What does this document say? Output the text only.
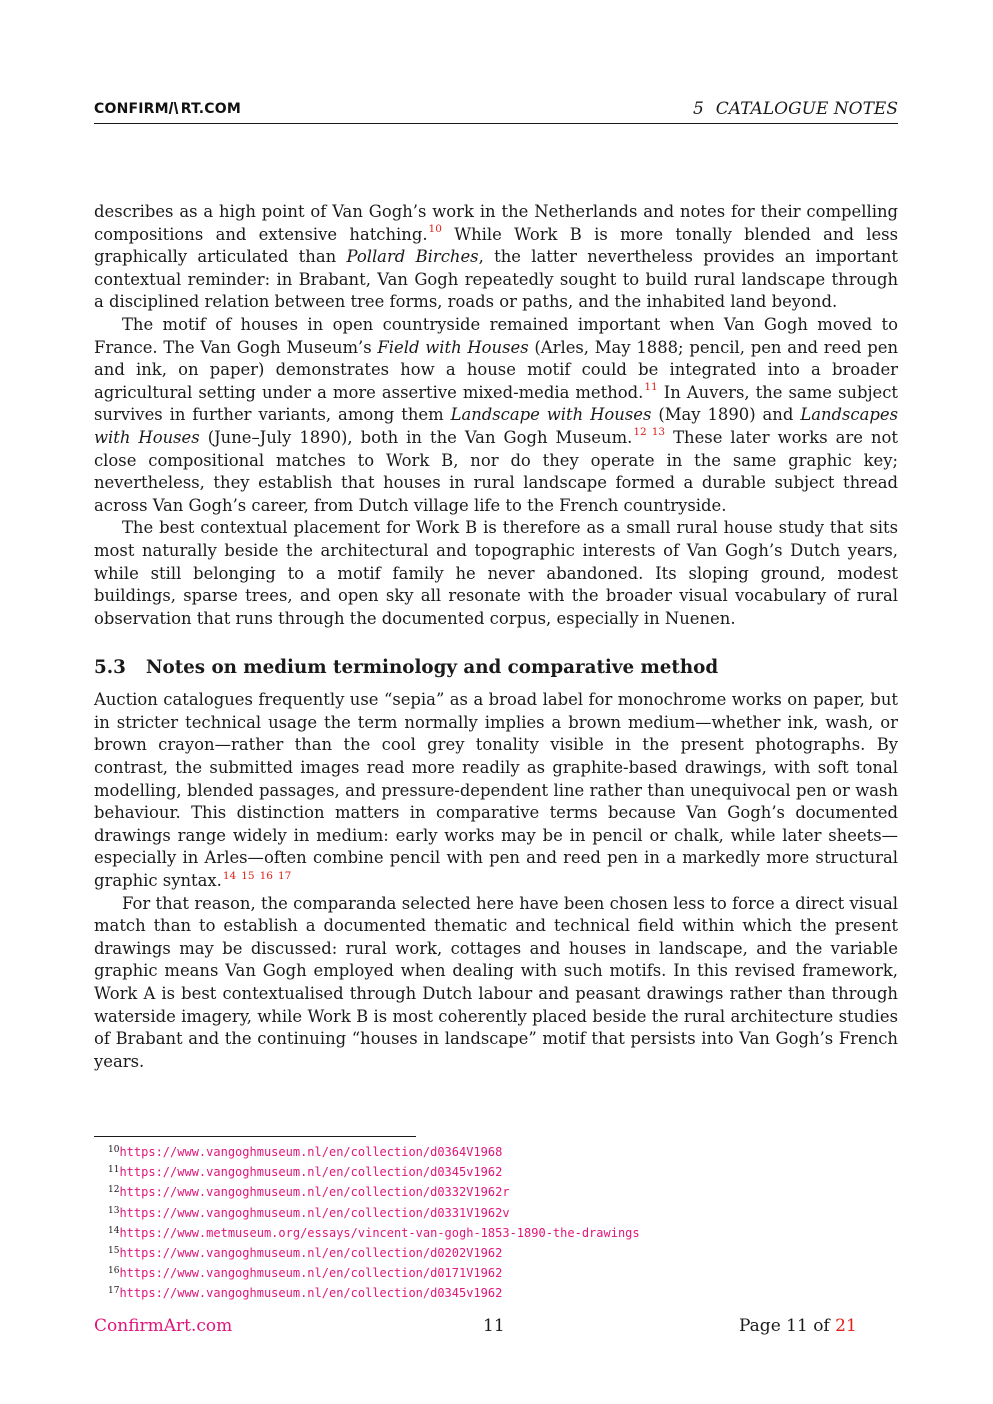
CONFIRM RT.COM	5 CATALOGUE NOTES

describes as a high point of Van Gogh’s work in the Netherlands and notes for their compelling compositions and extensive hatching.$^{10}$ While Work B is more tonally blended and less graphically articulated than Pollard Birches, the latter nevertheless provides an important contextual reminder: in Brabant, Van Gogh repeatedly sought to build rural landscape through a disciplined relation between tree forms, roads or paths, and the inhabited land beyond.

The motif of houses in open countryside remained important when Van Gogh moved to France. The Van Gogh Museum’s Field with Houses (Arles, May 1888; pencil, pen and reed pen and ink, on paper) demonstrates how a house motif could be integrated into a broader agricultural setting under a more assertive mixed-media method.$^{11}$ In Auvers, the same subject survives in further variants, among them Landscape with Houses (May 1890) and Landscapes with Houses (June–July 1890), both in the Van Gogh Museum.$^{12}$ $^{13}$ These later works are not close compositional matches to Work B, nor do they operate in the same graphic key; nevertheless, they establish that houses in rural landscape formed a durable subject thread across Van Gogh’s career, from Dutch village life to the French countryside.

The best contextual placement for Work B is therefore as a small rural house study that sits most naturally beside the architectural and topographic interests of Van Gogh’s Dutch years, while still belonging to a motif family he never abandoned. Its sloping ground, modest buildings, sparse trees, and open sky all resonate with the broader visual vocabulary of rural observation that runs through the documented corpus, especially in Nuenen.

5.3 Notes on medium terminology and comparative method

Auction catalogues frequently use “sepia” as a broad label for monochrome works on paper, but in stricter technical usage the term normally implies a brown medium—whether ink, wash, or brown crayon—rather than the cool grey tonality visible in the present photographs. By contrast, the submitted images read more readily as graphite-based drawings, with soft tonal modelling, blended passages, and pressure-dependent line rather than unequivocal pen or wash behaviour. This distinction matters in comparative terms because Van Gogh’s documented drawings range widely in medium: early works may be in pencil or chalk, while later sheets—especially in Arles—often combine pencil with pen and reed pen in a markedly more structural graphic syntax.$^{14}$ $^{15}$ $^{16}$ $^{17}$

For that reason, the comparanda selected here have been chosen less to force a direct visual match than to establish a documented thematic and technical field within which the present drawings may be discussed: rural work, cottages and houses in landscape, and the variable graphic means Van Gogh employed when dealing with such motifs. In this revised framework, Work A is best contextualised through Dutch labour and peasant drawings rather than through waterside imagery, while Work B is most coherently placed beside the rural architecture studies of Brabant and the continuing “houses in landscape” motif that persists into Van Gogh’s French years.

$^{10}$https://www.vangoghmuseum.nl/en/collection/d0364V1968
$^{11}$https://www.vangoghmuseum.nl/en/collection/d0345v1962
$^{12}$https://www.vangoghmuseum.nl/en/collection/d0332V1962r
$^{13}$https://www.vangoghmuseum.nl/en/collection/d0331V1962v
$^{14}$https://www.metmuseum.org/essays/vincent-van-gogh-1853-1890-the-drawings
$^{15}$https://www.vangoghmuseum.nl/en/collection/d0202V1962
$^{16}$https://www.vangoghmuseum.nl/en/collection/d0171V1962
$^{17}$https://www.vangoghmuseum.nl/en/collection/d0345v1962
ConfirmArt.com	11	Page 11 of 21
